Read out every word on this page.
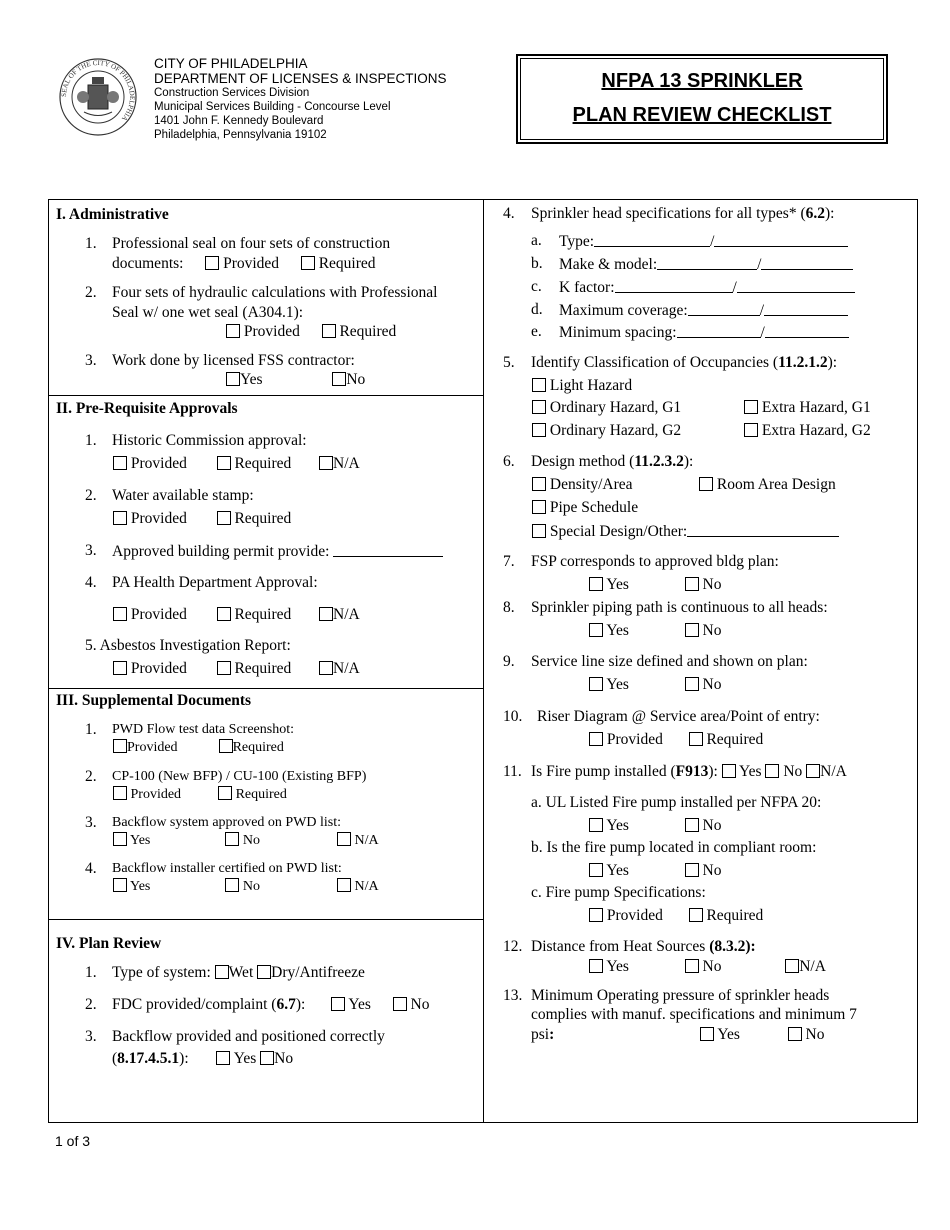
SEAL OF THE CITY OF PHILADELPHIA
CITY OF PHILADELPHIA
DEPARTMENT OF LICENSES & INSPECTIONS
Construction Services Division
Municipal Services Building - Concourse Level
1401 John F. Kennedy Boulevard
Philadelphia, Pennsylvania 19102
NFPA 13 SPRINKLER
PLAN REVIEW CHECKLIST
I. Administrative
1. Professional seal on four sets of construction
documents:	Provided	Required
2. Four sets of hydraulic calculations with Professional
Seal w/ one wet seal (A304.1):
Provided	Required
3. Work done by licensed FSS contractor:
Yes	No
II. Pre-Requisite Approvals
1. Historic Commission approval:
Provided	Required	N/A
2. Water available stamp:
Provided	Required
3. Approved building permit provide:
4. PA Health Department Approval:
Provided	Required	N/A
5. Asbestos Investigation Report:
Provided	Required	N/A
III. Supplemental Documents
1. PWD Flow test data Screenshot:
Provided	Required
2. CP-100 (New BFP) / CU-100 (Existing BFP)
Provided	Required
3. Backflow system approved on PWD list:
Yes	No	N/A
4. Backflow installer certified on PWD list:
Yes	No	N/A
IV. Plan Review
1. Type of system: Wet Dry/Antifreeze
2. FDC provided/complaint (6.7):	Yes	No
3. Backflow provided and positioned correctly
(8.17.4.5.1):	Yes No
4. Sprinkler head specifications for all types* (6.2):
a. Type:	/
b. Make & model:	/
c. K factor:	/
d. Maximum coverage:	/
e. Minimum spacing:	/
5. Identify Classification of Occupancies (11.2.1.2):
Light Hazard
Ordinary Hazard, G1	Extra Hazard, G1
Ordinary Hazard, G2	Extra Hazard, G2
6. Design method (11.2.3.2):
Density/Area	Room Area Design
Pipe Schedule
Special Design/Other:
7. FSP corresponds to approved bldg plan:
Yes	No
8. Sprinkler piping path is continuous to all heads:
Yes	No
9. Service line size defined and shown on plan:
Yes	No
10. Riser Diagram @ Service area/Point of entry:
Provided	Required
11. Is Fire pump installed (F913): Yes No N/A
a. UL Listed Fire pump installed per NFPA 20:
Yes	No
b. Is the fire pump located in compliant room:
Yes	No
c. Fire pump Specifications:
Provided	Required
12. Distance from Heat Sources (8.3.2):
Yes	No	N/A
13. Minimum Operating pressure of sprinkler heads
complies with manuf. specifications and minimum 7
psi:	Yes	No
1 of 3
